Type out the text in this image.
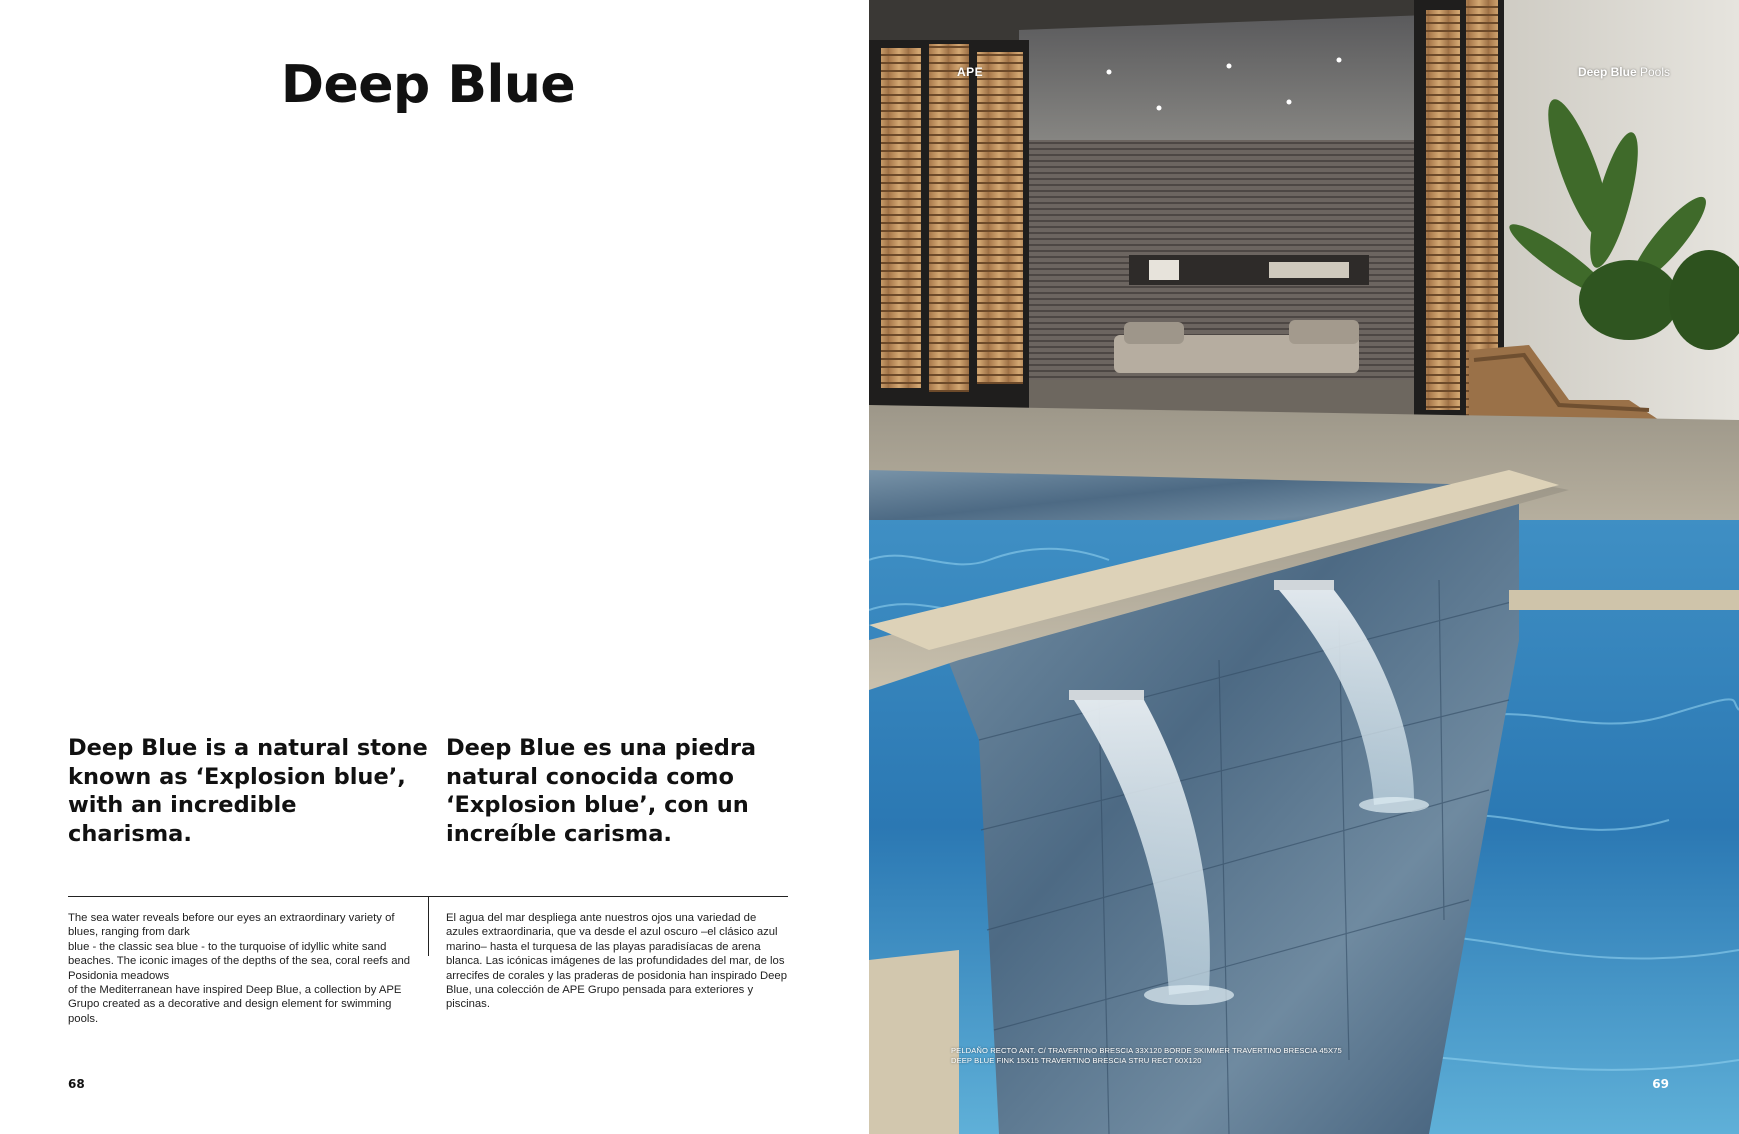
Deep Blue

Deep Blue is a natural stone known as ‘Explosion blue’, with an incredible charisma.

Deep Blue es una piedra natural conocida como ‘Explosion blue’, con un increíble carisma.

The sea water reveals before our eyes an extraordinary variety of blues, ranging from dark
blue - the classic sea blue - to the turquoise of idyllic white sand beaches. The iconic images of the depths of the sea, coral reefs and Posidonia meadows
of the Mediterranean have inspired Deep Blue, a collection by APE Grupo created as a decorative and design element for swimming pools.

El agua del mar despliega ante nuestros ojos una variedad de azules extraordinaria, que va desde el azul oscuro –el clásico azul marino– hasta el turquesa de las playas paradisíacas de arena blanca. Las icónicas imágenes de las profundidades del mar, de los arrecifes de corales y las praderas de posidonia han inspirado Deep Blue, una colección de APE Grupo pensada para exteriores y piscinas.

68
APE	Deep Blue Pools
PELDAÑO RECTO ANT. C/ TRAVERTINO BRESCIA 33X120 BORDE SKIMMER TRAVERTINO BRESCIA 45X75
DEEP BLUE FINK 15X15 TRAVERTINO BRESCIA STRU RECT 60X120
69
